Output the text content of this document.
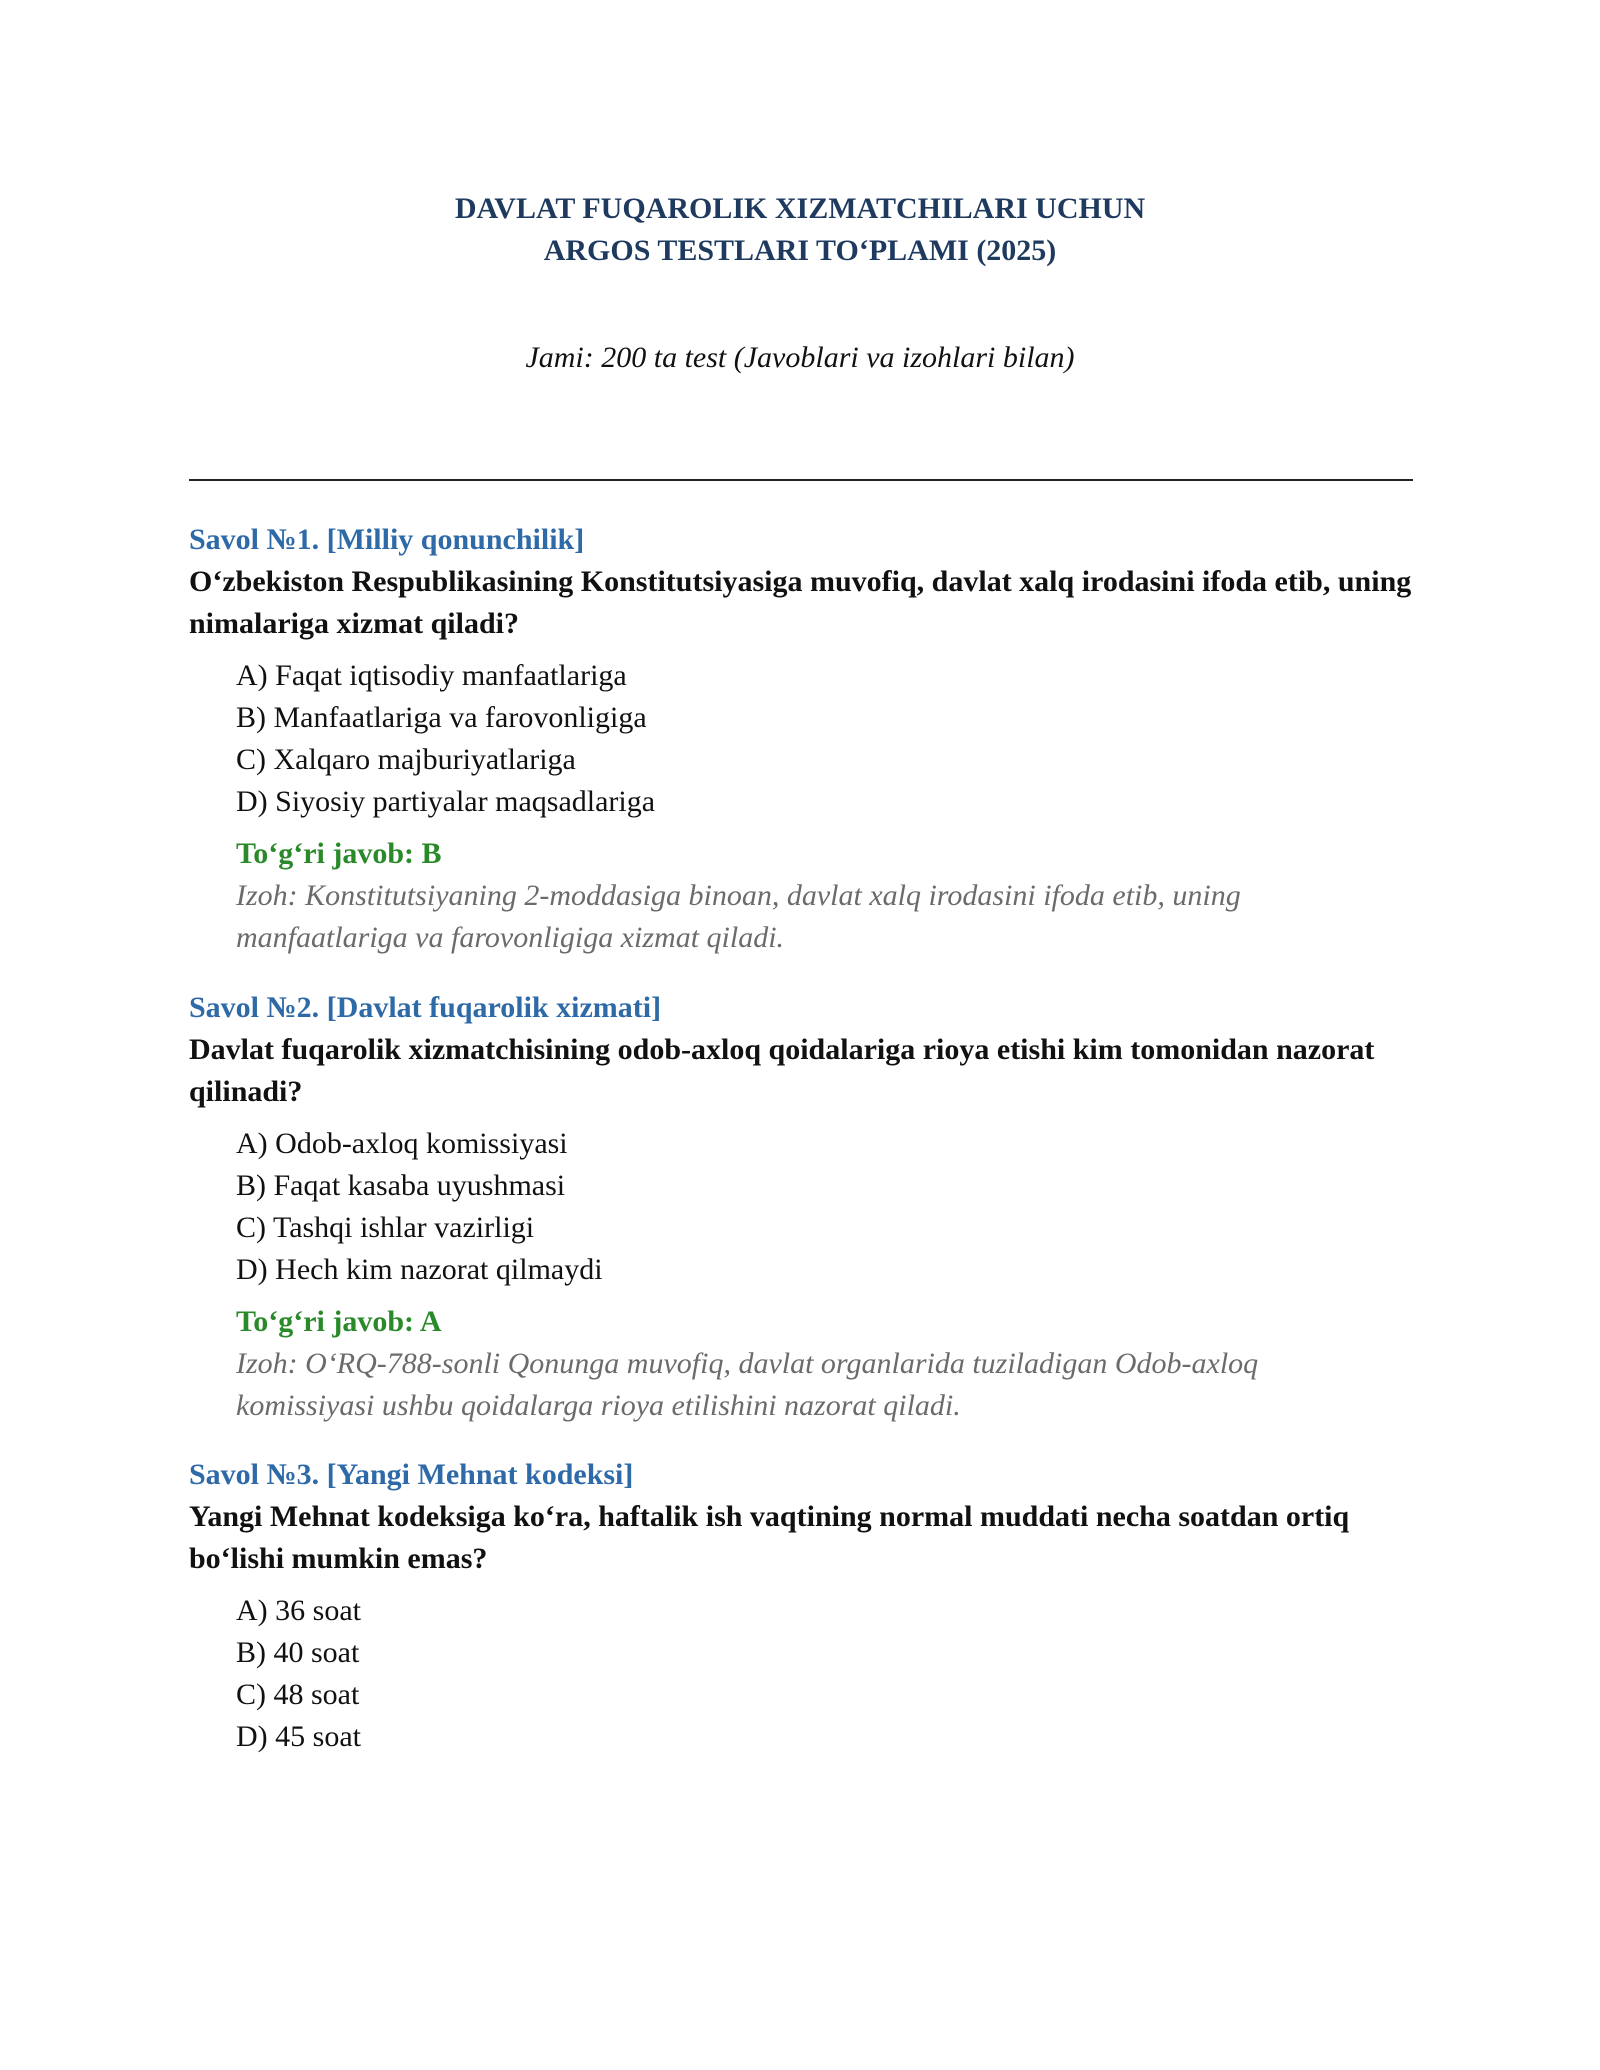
DAVLAT FUQAROLIK XIZMATCHILARI UCHUN
ARGOS TESTLARI TO‘PLAMI (2025)
Jami: 200 ta test (Javoblari va izohlari bilan)
Savol №1. [Milliy qonunchilik]
O‘zbekiston Respublikasining Konstitutsiyasiga muvofiq, davlat xalq irodasini ifoda etib, uning nimalariga xizmat qiladi?
A) Faqat iqtisodiy manfaatlariga
B) Manfaatlariga va farovonligiga
C) Xalqaro majburiyatlariga
D) Siyosiy partiyalar maqsadlariga
To‘g‘ri javob: B
Izoh: Konstitutsiyaning 2-moddasiga binoan, davlat xalq irodasini ifoda etib, uning manfaatlariga va farovonligiga xizmat qiladi.
Savol №2. [Davlat fuqarolik xizmati]
Davlat fuqarolik xizmatchisining odob-axloq qoidalariga rioya etishi kim tomonidan nazorat qilinadi?
A) Odob-axloq komissiyasi
B) Faqat kasaba uyushmasi
C) Tashqi ishlar vazirligi
D) Hech kim nazorat qilmaydi
To‘g‘ri javob: A
Izoh: O‘RQ-788-sonli Qonunga muvofiq, davlat organlarida tuziladigan Odob-axloq komissiyasi ushbu qoidalarga rioya etilishini nazorat qiladi.
Savol №3. [Yangi Mehnat kodeksi]
Yangi Mehnat kodeksiga ko‘ra, haftalik ish vaqtining normal muddati necha soatdan ortiq bo‘lishi mumkin emas?
A) 36 soat
B) 40 soat
C) 48 soat
D) 45 soat
